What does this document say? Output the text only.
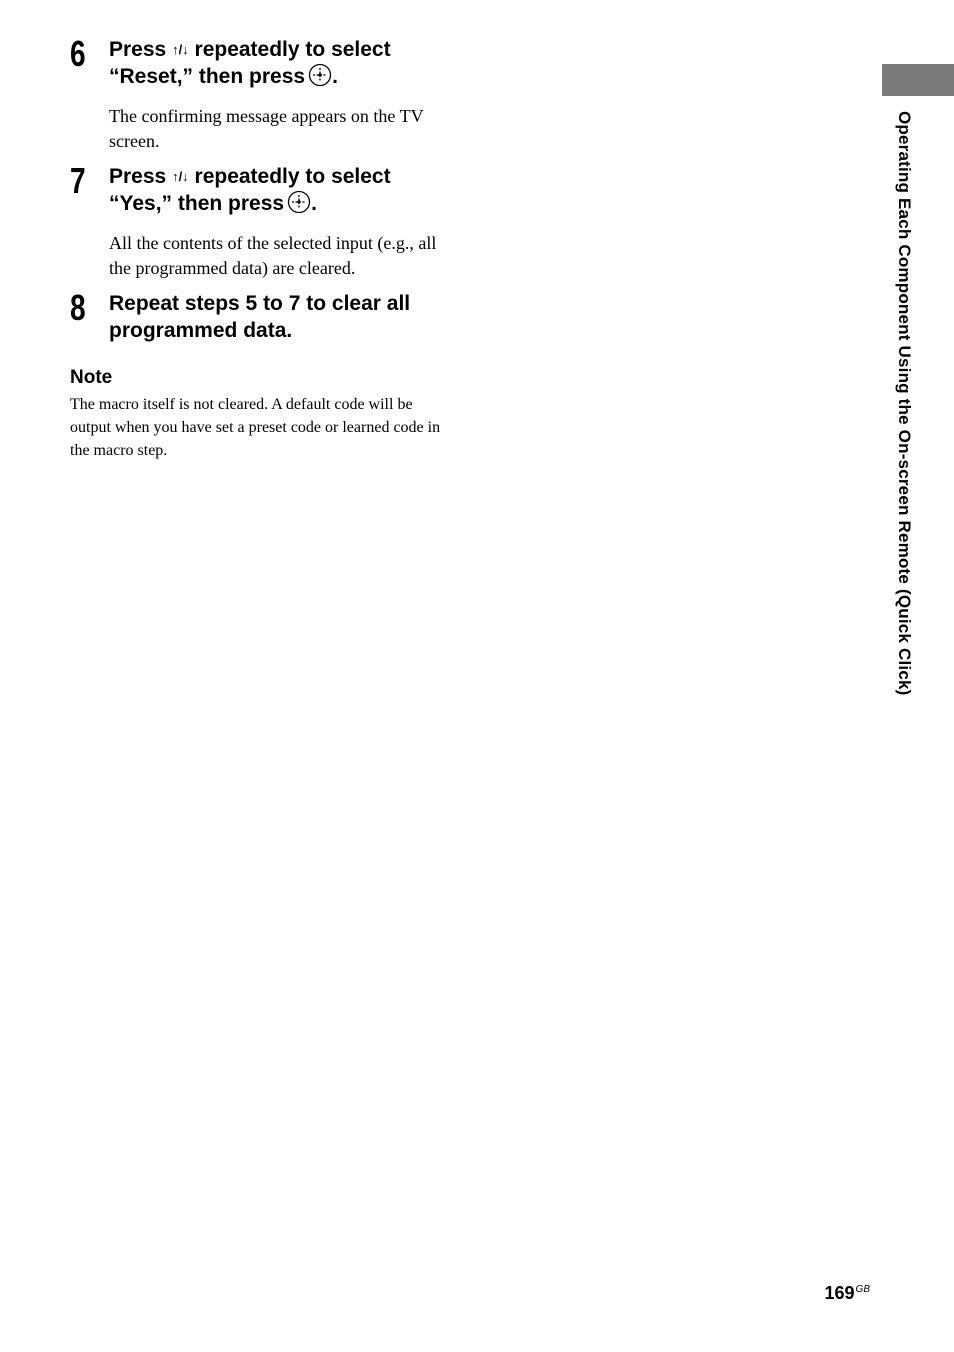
6 Press ↑/↓ repeatedly to select
“Reset,” then press .
The confirming message appears on the TV screen.
7 Press ↑/↓ repeatedly to select
“Yes,” then press .
All the contents of the selected input (e.g., all the programmed data) are cleared.
8 Repeat steps 5 to 7 to clear all programmed data.
Note
The macro itself is not cleared. A default code will be output when you have set a preset code or learned code in the macro step.	Operating Each Component Using the On-screen Remote (Quick Click)
$169^{GB}$
